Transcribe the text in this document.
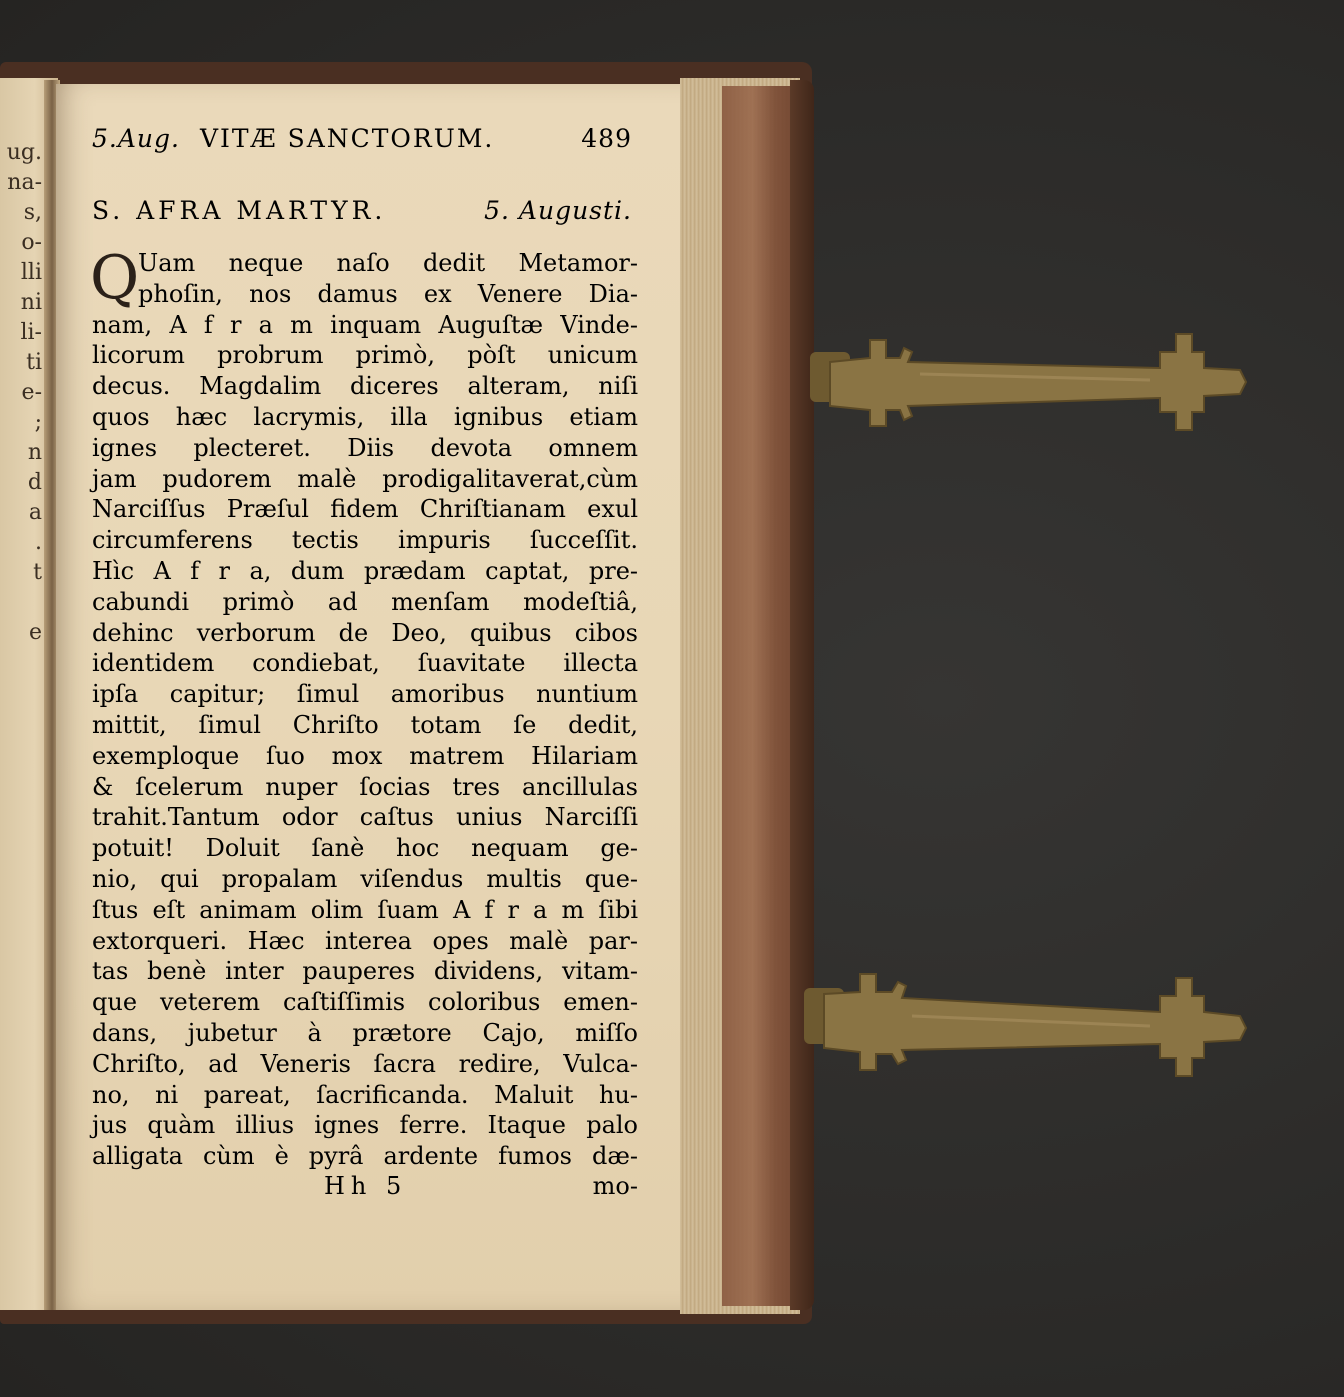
ug.
na-
s,
o-
lli
ni
li-
ti
e-
;
n
d
a
.
t
e
5.Aug. VITÆ SANCTORUM.	489
S. AFRA MARTYR.	5. Augusti.
Q
Uam neque naſo dedit Metamor-
phoſin, nos damus ex Venere Dia-
nam, A f r a m inquam Auguſtæ Vinde-
licorum probrum primò, pòſt unicum
decus. Magdalim diceres alteram, niſi
quos hæc lacrymis, illa ignibus etiam
ignes plecteret. Diis devota omnem
jam pudorem malè prodigalitaverat,cùm
Narciſſus Præſul fidem Chriſtianam exul
circumferens tectis impuris ſucceſſit.
Hìc A f r a, dum prædam captat, pre-
cabundi primò ad menſam modeſtiâ,
dehinc verborum de Deo, quibus cibos
identidem condiebat, ſuavitate illecta
ipſa capitur; ſimul amoribus nuntium
mittit, ſimul Chriſto totam ſe dedit,
exemploque ſuo mox matrem Hilariam
& ſcelerum nuper ſocias tres ancillulas
trahit.Tantum odor caſtus unius Narciſſi
potuit! Doluit ſanè hoc nequam ge-
nio, qui propalam viſendus multis que-
ſtus eſt animam olim ſuam A f r a m ſibi
extorqueri. Hæc interea opes malè par-
tas benè inter pauperes dividens, vitam-
que veterem caſtiſſimis coloribus emen-
dans, jubetur à prætore Cajo, miſſo
Chriſto, ad Veneris ſacra redire, Vulca-
no, ni pareat, ſacrificanda. Maluit hu-
jus quàm illius ignes ferre. Itaque palo
alligata cùm è pyrâ ardente fumos dæ-
Hh 5	mo-
